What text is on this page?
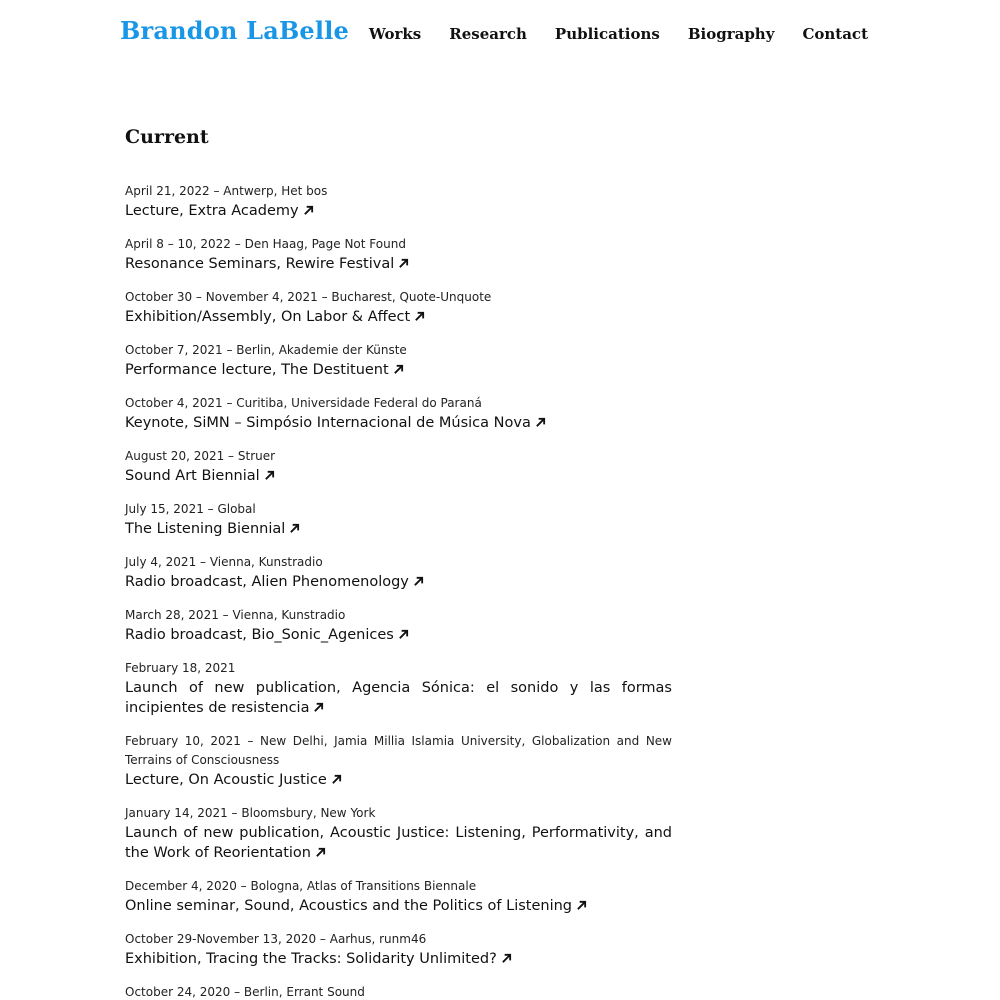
Brandon LaBelle Works Research Publications Biography Contact
Current
April 21, 2022 – Antwerp, Het bos
Lecture, Extra Academy
April 8 – 10, 2022 – Den Haag, Page Not Found
Resonance Seminars, Rewire Festival
October 30 – November 4, 2021 – Bucharest, Quote-Unquote
Exhibition/Assembly, On Labor & Affect
October 7, 2021 – Berlin, Akademie der Künste
Performance lecture, The Destituent
October 4, 2021 – Curitiba, Universidade Federal do Paraná
Keynote, SiMN – Simpósio Internacional de Música Nova
August 20, 2021 – Struer
Sound Art Biennial
July 15, 2021 – Global
The Listening Biennial
July 4, 2021 – Vienna, Kunstradio
Radio broadcast, Alien Phenomenology
March 28, 2021 – Vienna, Kunstradio
Radio broadcast, Bio_Sonic_Agenices
February 18, 2021
Launch of new publication, Agencia Sónica: el sonido y las formas incipientes de resistencia
February 10, 2021 – New Delhi, Jamia Millia Islamia University, Globalization and New Terrains of Consciousness
Lecture, On Acoustic Justice
January 14, 2021 – Bloomsbury, New York
Launch of new publication, Acoustic Justice: Listening, Performativity, and the Work of Reorientation
December 4, 2020 – Bologna, Atlas of Transitions Biennale
Online seminar, Sound, Acoustics and the Politics of Listening
October 29-November 13, 2020 – Aarhus, runm46
Exhibition, Tracing the Tracks: Solidarity Unlimited?
October 24, 2020 – Berlin, Errant Sound
